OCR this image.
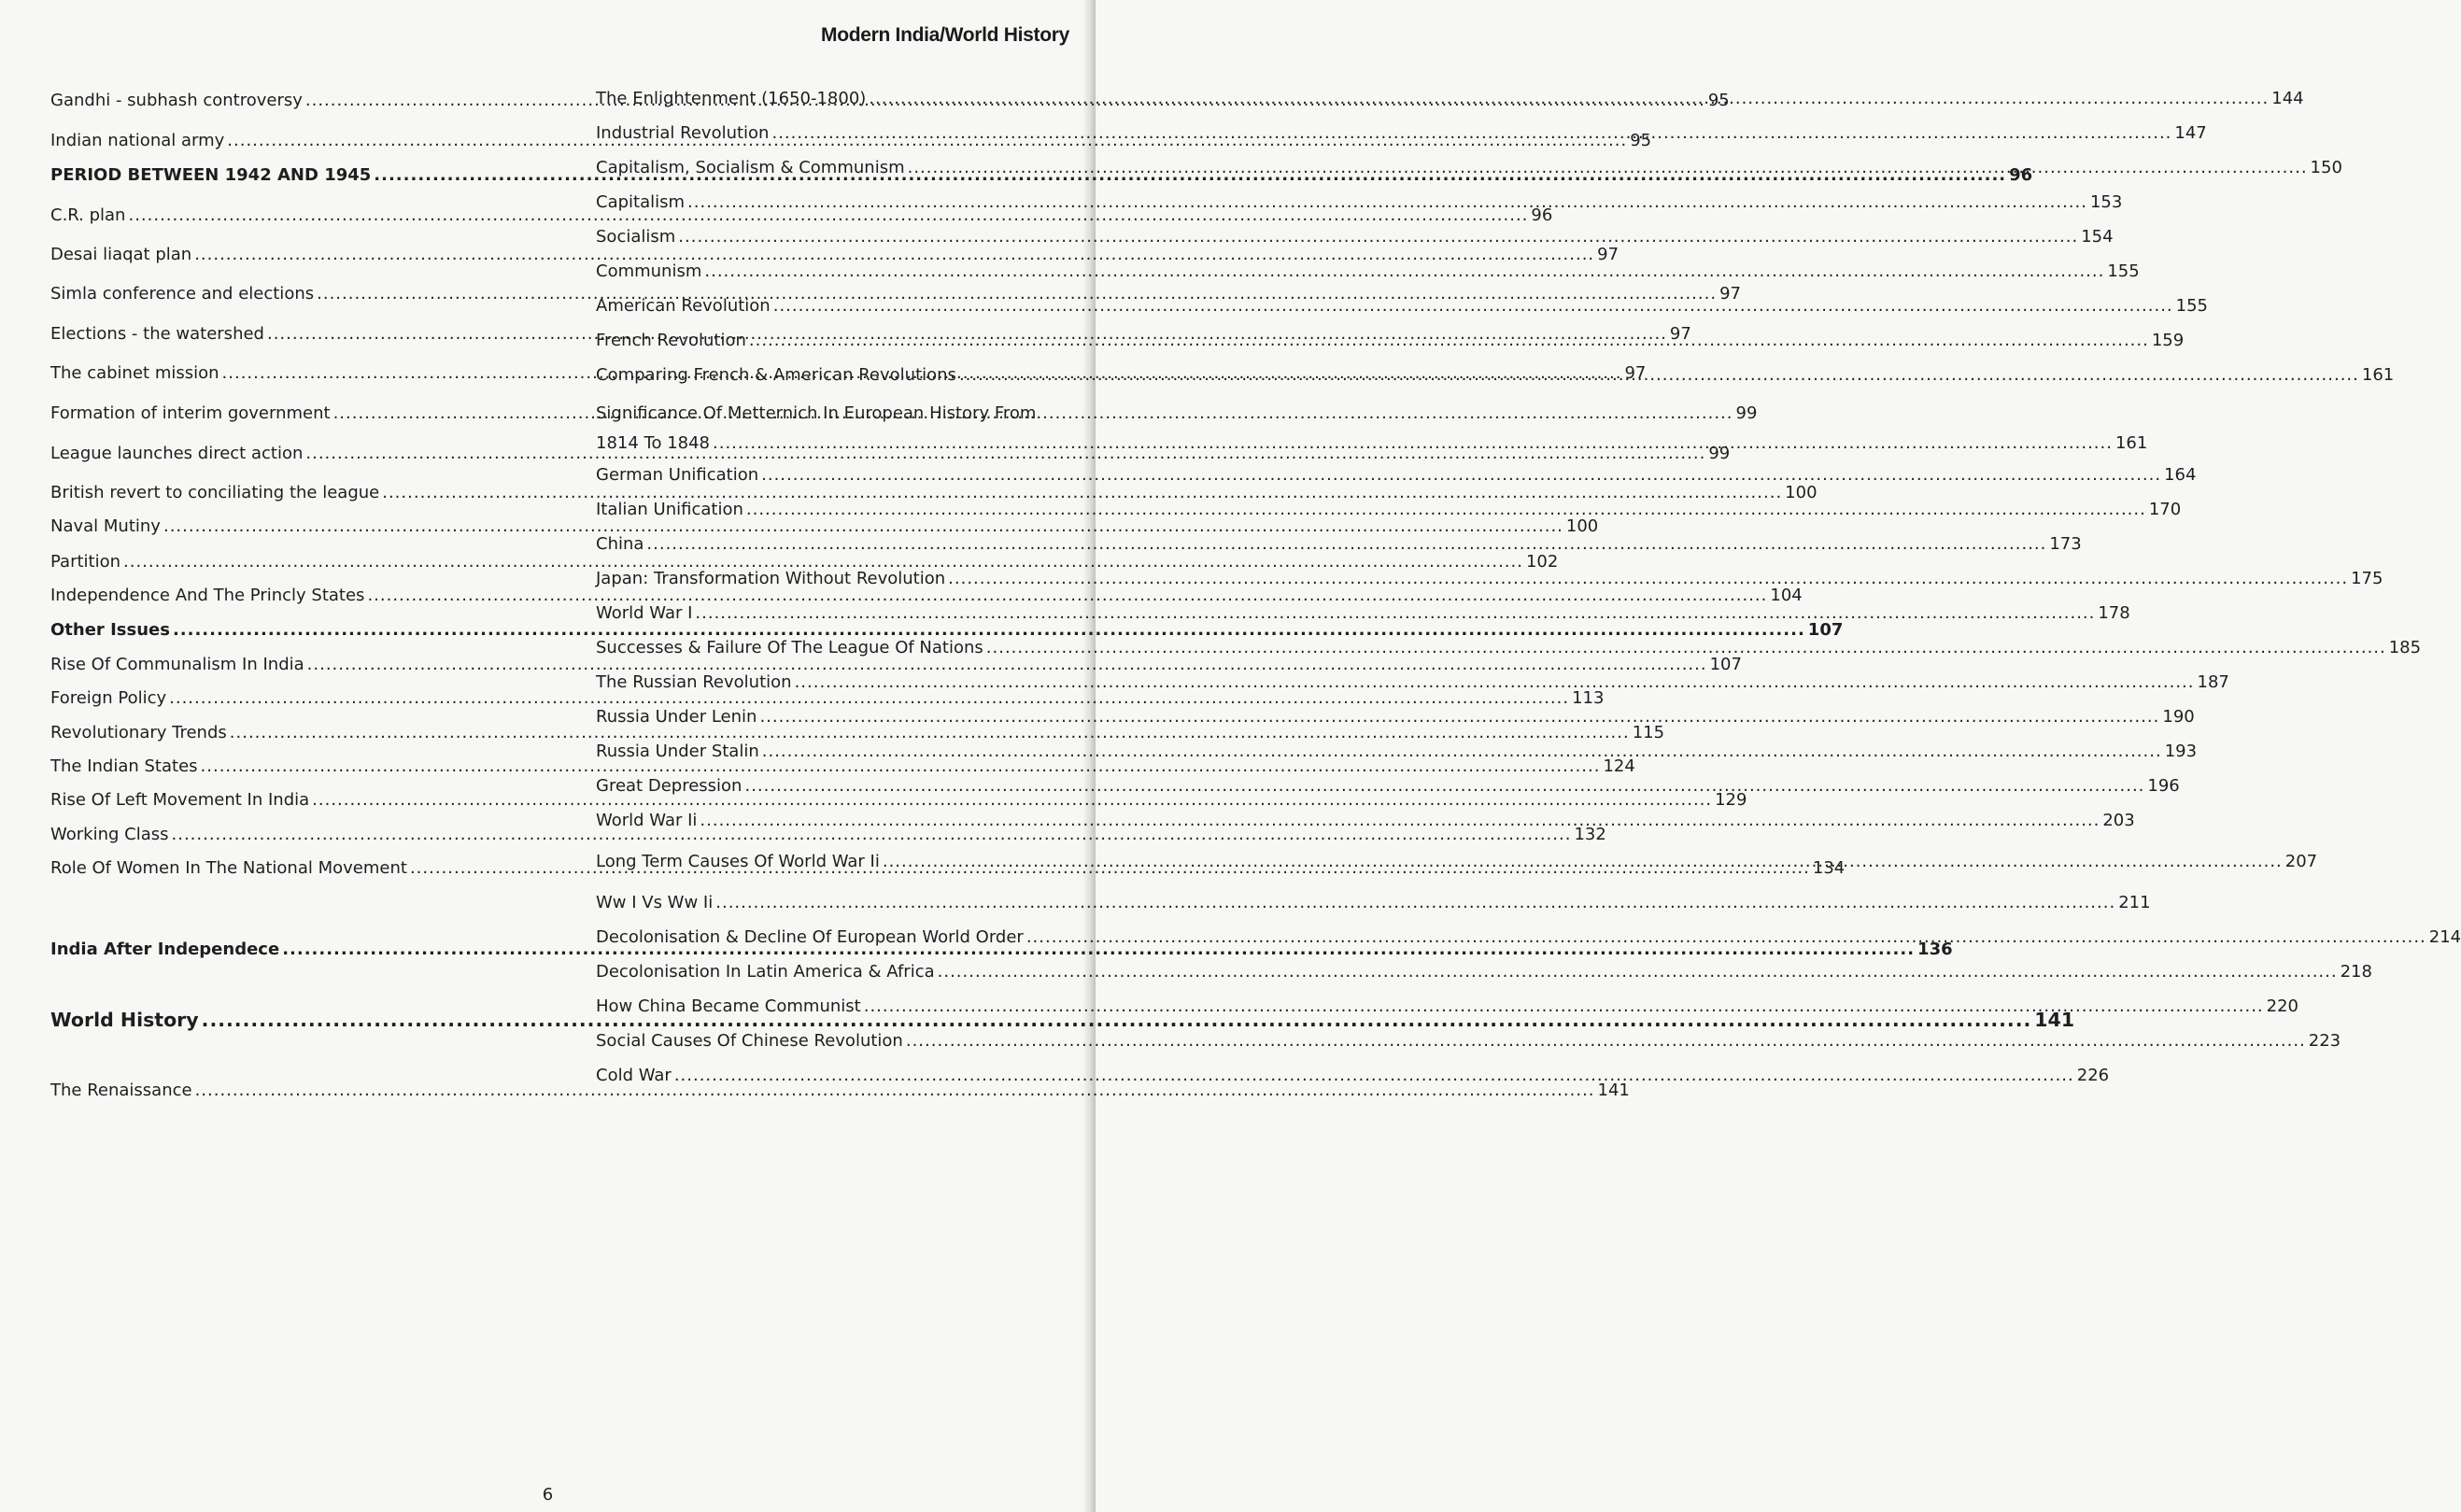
Modern India/World History
Gandhi - subhash controversy .....	95
Indian national army .....	95
PERIOD BETWEEN 1942 AND 1945 .....	96
C.R. plan .....	96
Desai liaqat plan .....	97
Simla conference and elections .....	97
Elections - the watershed .....	97
The cabinet mission .....	97
Formation of interim government .....	99
League launches direct action .....	99
British revert to conciliating the league .....	100
Naval Mutiny .....	100
Partition .....	102
Independence And The Princly States .....	104
Other Issues .....	107
Rise Of Communalism In India .....	107
Foreign Policy .....	113
Revolutionary Trends .....	115
The Indian States .....	124
Rise Of Left Movement In India .....	129
Working Class .....	132
Role Of Women In The National Movement .....	134
India After Independece .....	136
World History .....	141
The Renaissance .....	141
The Enlightenment (1650-1800) .....	144
Industrial Revolution .....	147
Capitalism, Socialism & Communism .....	150
Capitalism .....	153
Socialism .....	154
Communism .....	155
American Revolution .....	155
French Revolution .....	159
Comparing French & American Revolutions .....	161
Significance Of Metternich In European History From
1814 To 1848 .....	161
German Unification .....	164
Italian Unification .....	170
China .....	173
Japan: Transformation Without Revolution .....	175
World War I .....	178
Successes & Failure Of The League Of Nations .....	185
The Russian Revolution .....	187
Russia Under Lenin .....	190
Russia Under Stalin .....	193
Great Depression .....	196
World War Ii .....	203
Long Term Causes Of World War Ii .....	207
Ww I Vs Ww Ii .....	211
Decolonisation & Decline Of European World Order .....	214
Decolonisation In Latin America & Africa .....	218
How China Became Communist .....	220
Social Causes Of Chinese Revolution .....	223
Cold War .....	226
6
